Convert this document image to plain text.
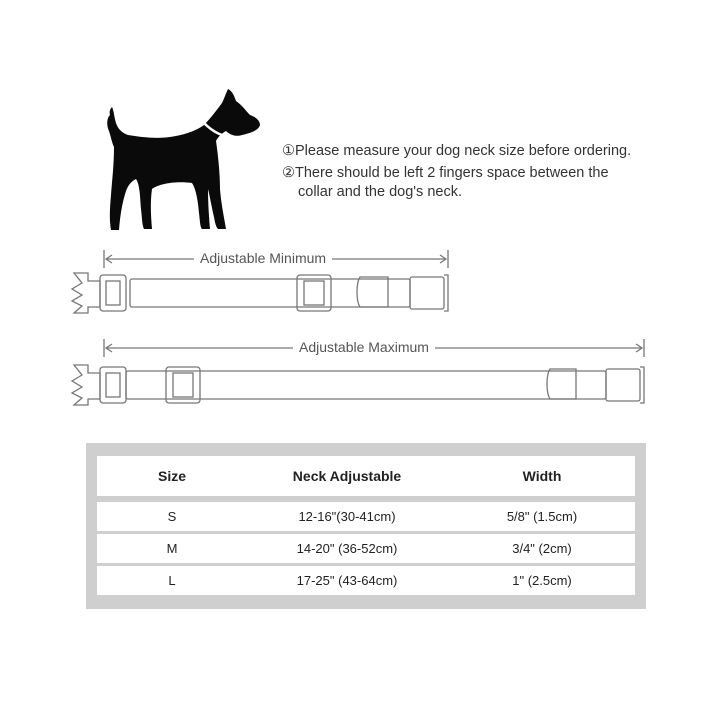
①Please measure your dog neck size before ordering.
②There should be left 2 fingers space between the
collar and the dog's neck.
Adjustable Minimum
Adjustable Maximum
Size	Neck Adjustable	Width
S	12-16"(30-41cm)	5/8" (1.5cm)
M	14-20" (36-52cm)	3/4" (2cm)
L	17-25" (43-64cm)	1" (2.5cm)
